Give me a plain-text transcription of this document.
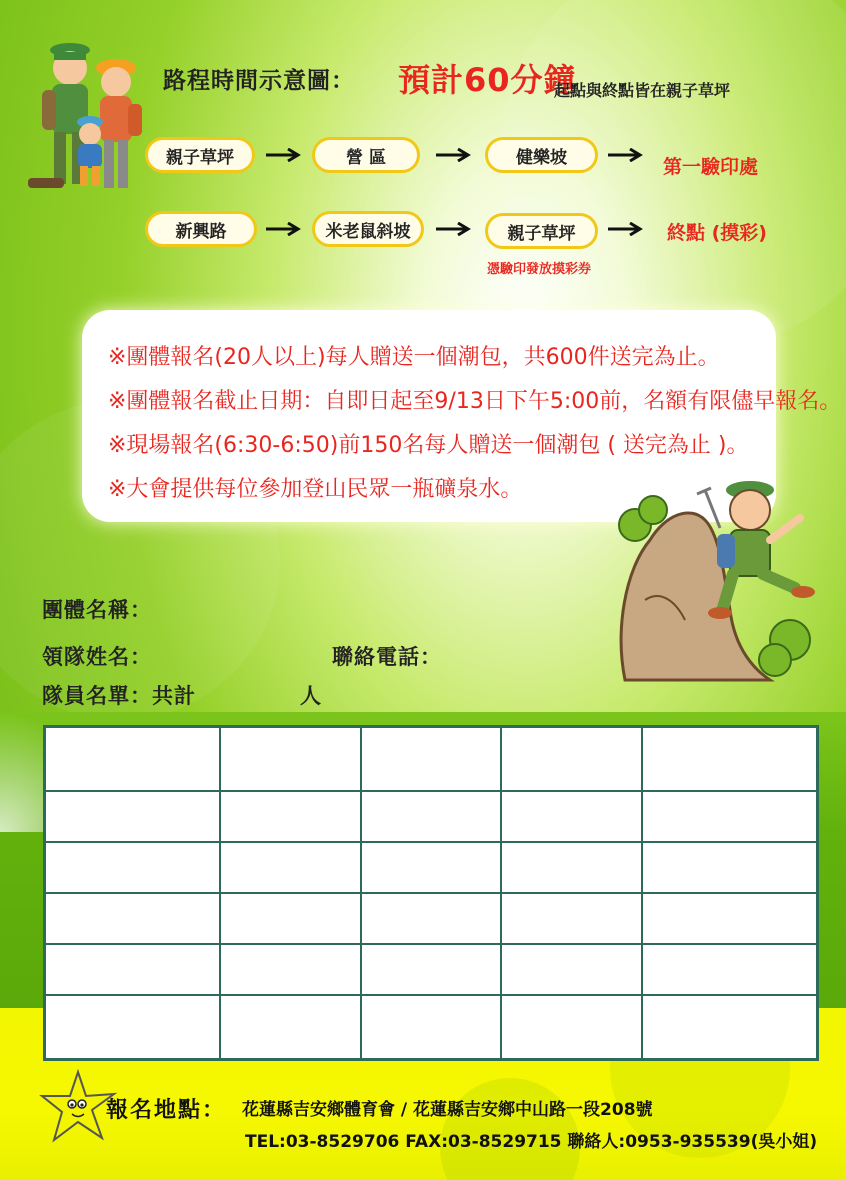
路程時間示意圖： 預計60分鐘
起點與終點皆在親子草坪
親子草坪	營 區	健樂坡	第一驗印處
新興路	米老鼠斜坡	親子草坪	終點 (摸彩)
憑驗印發放摸彩券
※團體報名(20人以上)每人贈送一個潮包，共600件送完為止。
※團體報名截止日期：自即日起至9/13日下午5:00前，名額有限儘早報名。
※現場報名(6:30-6:50)前150名每人贈送一個潮包 ( 送完為止 )。
※大會提供每位參加登山民眾一瓶礦泉水。
團體名稱：
領隊姓名：	聯絡電話：
隊員名單：共計	人

報名地點： 花蓮縣吉安鄉體育會 / 花蓮縣吉安鄉中山路一段208號
TEL:03-8529706 FAX:03-8529715 聯絡人:0953-935539(吳小姐)
